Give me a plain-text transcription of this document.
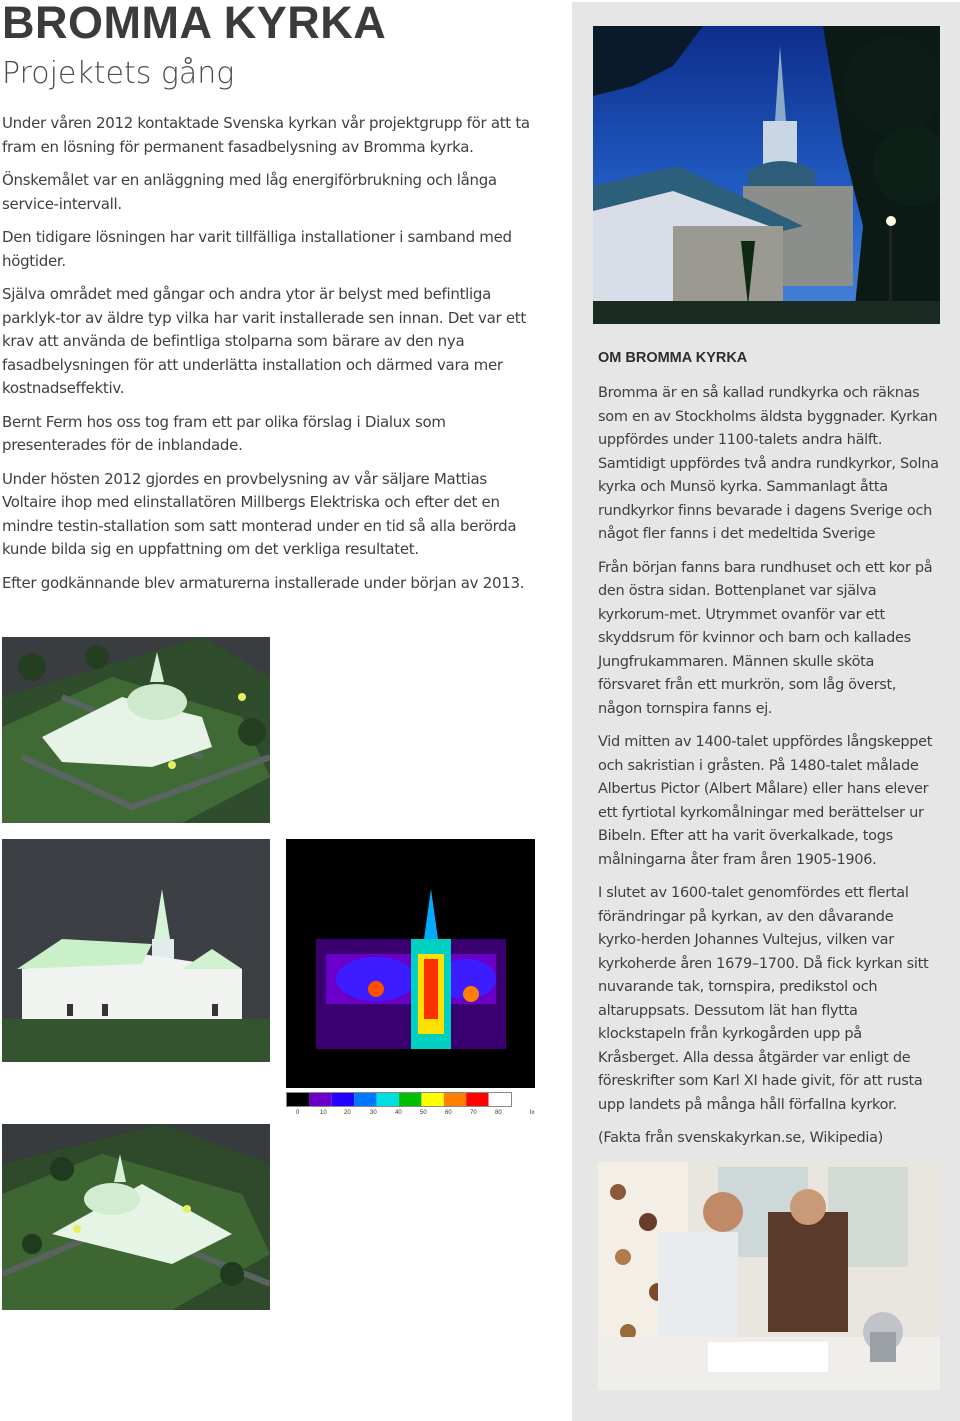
BROMMA KYRKA
Projektets gång

Under våren 2012 kontaktade Svenska kyrkan vår projektgrupp för att ta fram en lösning för permanent fasadbelysning av Bromma kyrka.

Önskemålet var en anläggning med låg energiförbrukning och långa service-intervall.

Den tidigare lösningen har varit tillfälliga installationer i samband med högtider.

Själva området med gångar och andra ytor är belyst med befintliga parklyk-tor av äldre typ vilka har varit installerade sen innan. Det var ett krav att använda de befintliga stolparna som bärare av den nya fasadbelysningen för att underlätta installation och därmed vara mer kostnadseffektiv.

Bernt Ferm hos oss tog fram ett par olika förslag i Dialux som presenterades för de inblandade.

Under hösten 2012 gjordes en provbelysning av vår säljare Mattias Voltaire ihop med elinstallatören Millbergs Elektriska och efter det en mindre testin-stallation som satt monterad under en tid så alla berörda kunde bilda sig en uppfattning om det verkliga resultatet.

Efter godkännande blev armaturerna installerade under början av 2013.

OM BROMMA KYRKA

Bromma är en så kallad rundkyrka och räknas som en av Stockholms äldsta byggnader. Kyrkan uppfördes under 1100-talets andra hälft. Samtidigt uppfördes två andra rundkyrkor, Solna kyrka och Munsö kyrka. Sammanlagt åtta rundkyrkor finns bevarade i dagens Sverige och något fler fanns i det medeltida Sverige

Från början fanns bara rundhuset och ett kor på den östra sidan. Bottenplanet var själva kyrkorum-met. Utrymmet ovanför var ett skyddsrum för kvinnor och barn och kallades Jungfrukammaren. Männen skulle sköta försvaret från ett murkrön, som låg överst, någon tornspira fanns ej.

Vid mitten av 1400-talet uppfördes långskeppet och sakristian i gråsten. På 1480-talet målade Albertus Pictor (Albert Målare) eller hans elever ett fyrtiotal kyrkomålningar med berättelser ur Bibeln. Efter att ha varit överkalkade, togs målningarna åter fram åren 1905-1906.

I slutet av 1600-talet genomfördes ett flertal förändringar på kyrkan, av den dåvarande kyrko-herden Johannes Vultejus, vilken var kyrkoherde åren 1679–1700. Då fick kyrkan sitt nuvarande tak, tornspira, predikstol och altaruppsats. Dessutom lät han flytta klockstapeln från kyrkogården upp på Kråsberget. Alla dessa åtgärder var enligt de föreskrifter som Karl XI hade givit, för att rusta upp landets på många håll förfallna kyrkor.

(Fakta från svenskakyrkan.se, Wikipedia)

0	10	20	30	40	50	60	70	80	lx
